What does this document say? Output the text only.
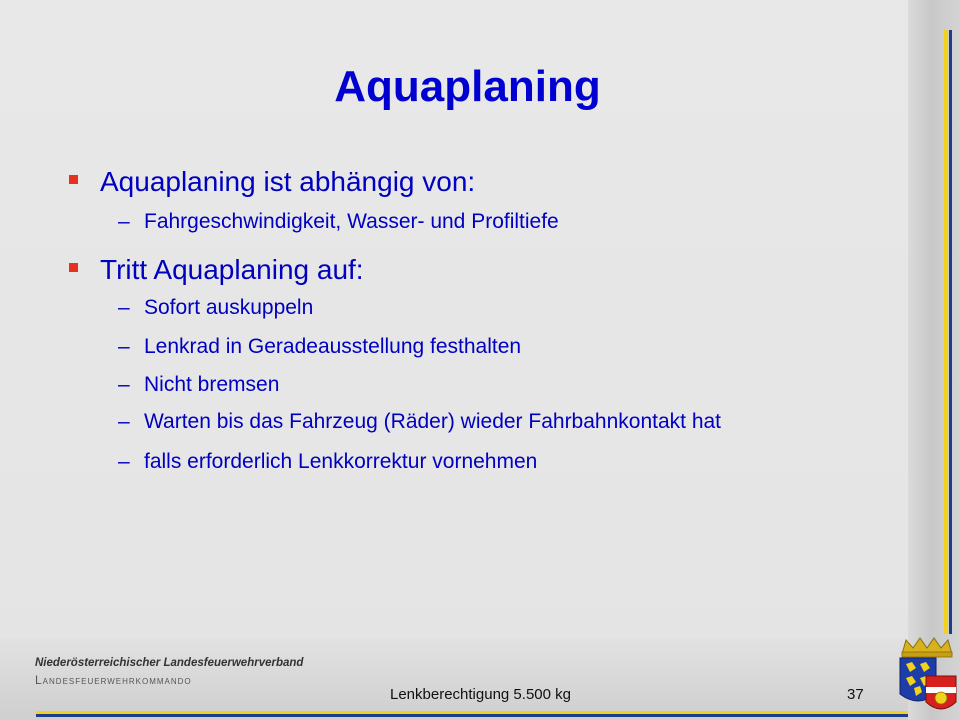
Aquaplaning
Aquaplaning ist abhängig von:
– Fahrgeschwindigkeit, Wasser- und Profiltiefe
Tritt Aquaplaning auf:
– Sofort auskuppeln
– Lenkrad in Geradeausstellung festhalten
– Nicht bremsen
– Warten bis das Fahrzeug (Räder) wieder Fahrbahnkontakt hat
– falls erforderlich Lenkkorrektur vornehmen
Niederösterreichischer Landesfeuerwehrverband
Landesfeuerwehrkommando
Lenkberechtigung 5.500 kg	37
